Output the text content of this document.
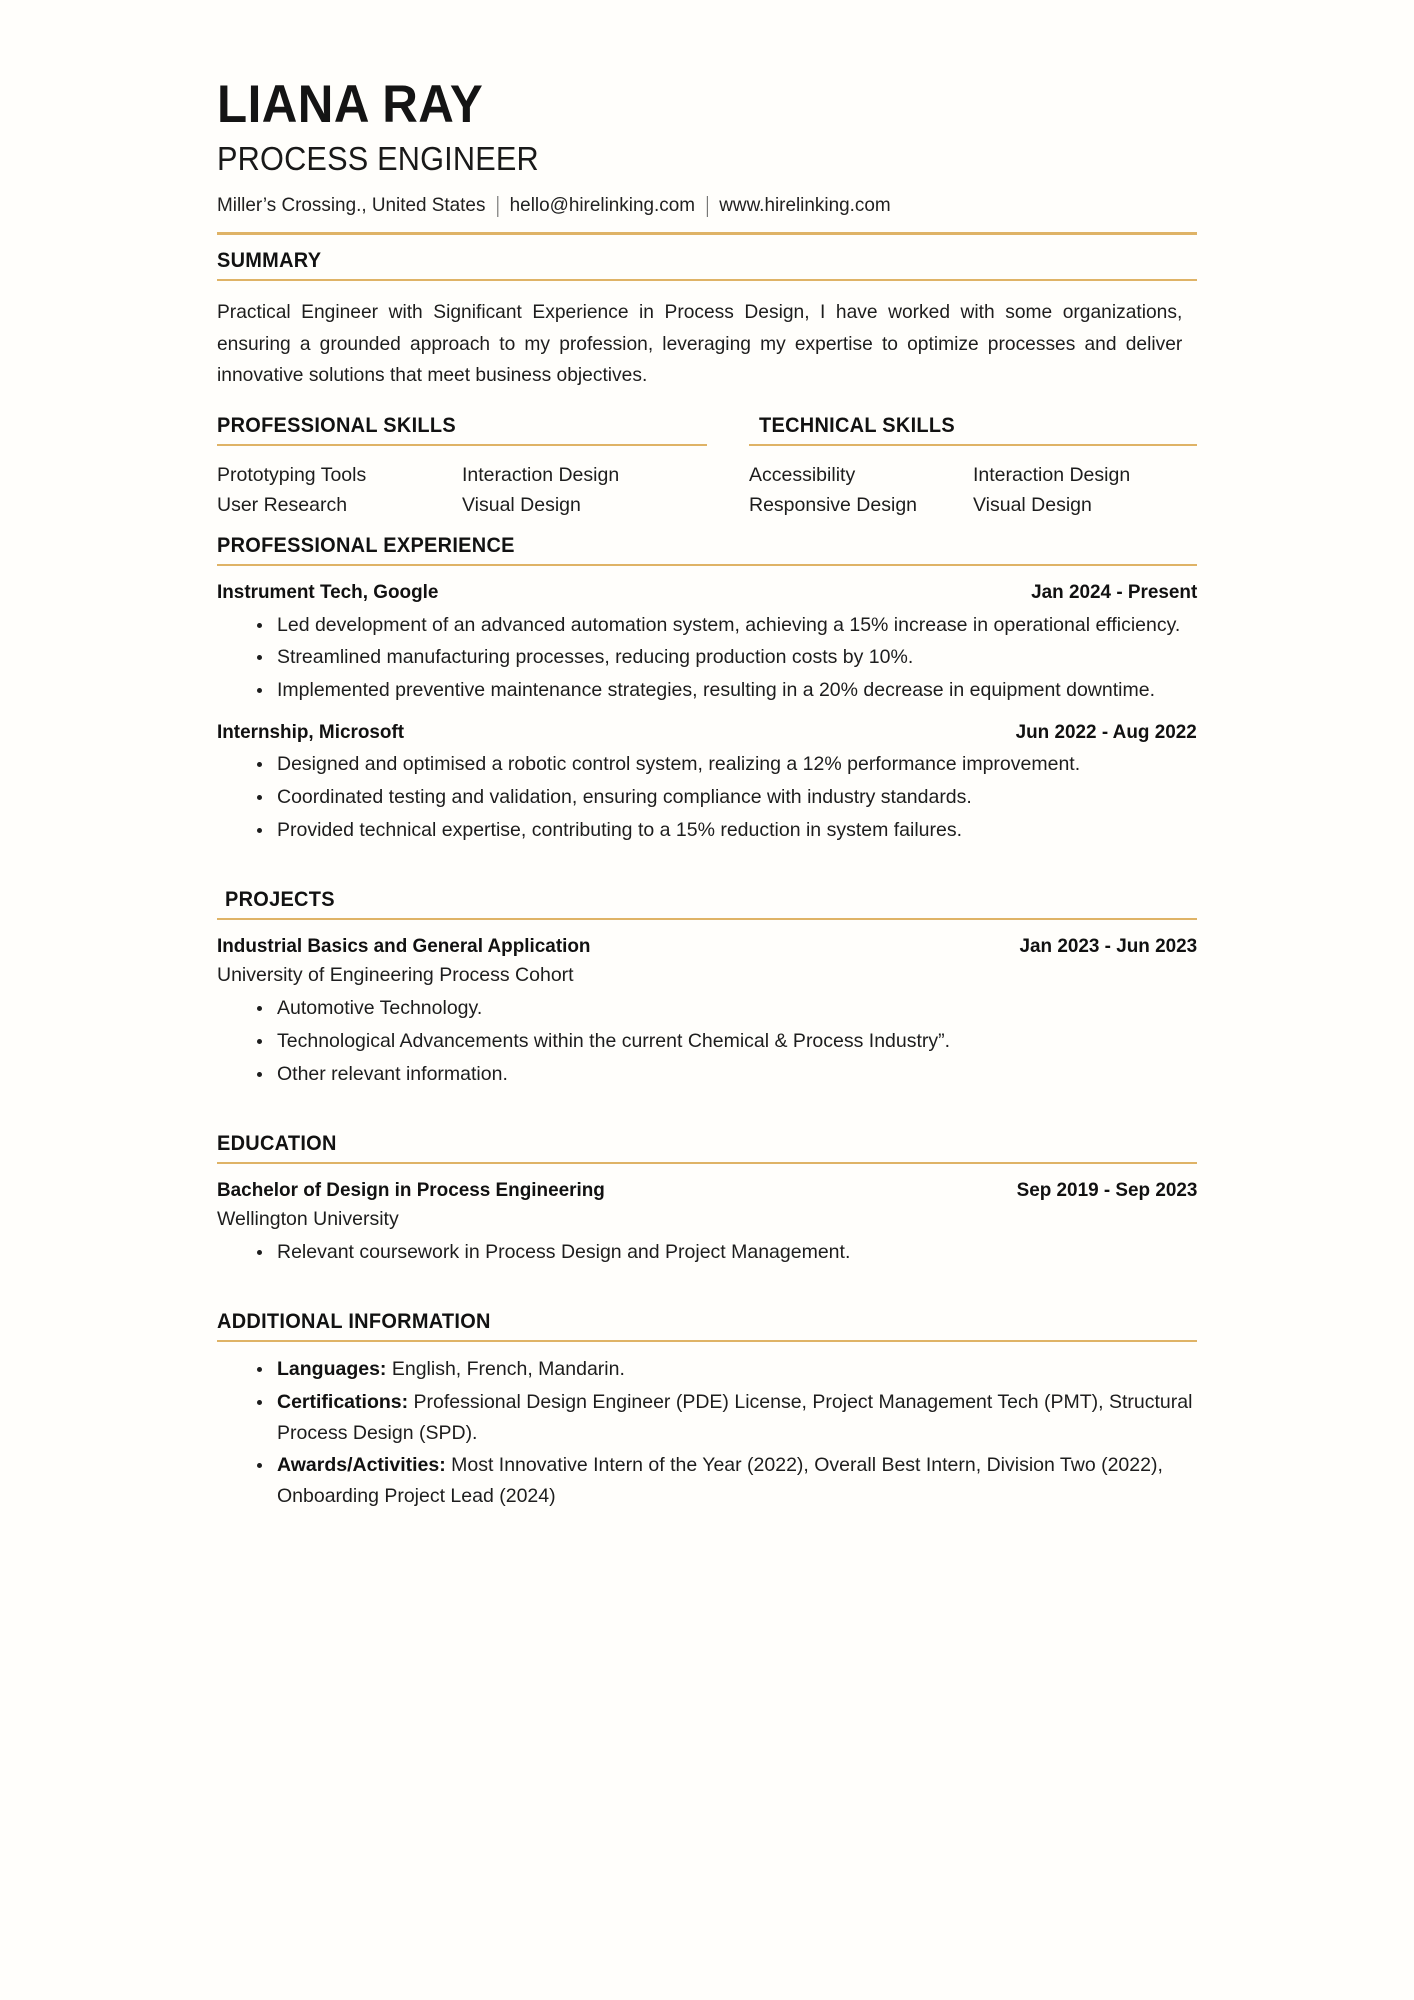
LIANA RAY
PROCESS ENGINEER
Miller’s Crossing., United States hello@hirelinking.com www.hirelinking.com
SUMMARY

Practical Engineer with Significant Experience in Process Design, I have worked with some organizations, ensuring a grounded approach to my profession, leveraging my expertise to optimize processes and deliver innovative solutions that meet business objectives.

PROFESSIONAL SKILLS
Prototyping Tools
User Research
Interaction Design
Visual Design
TECHNICAL SKILLS
Accessibility
Responsive Design
Interaction Design
Visual Design
PROFESSIONAL EXPERIENCE
Instrument Tech, Google	Jan 2024 - Present
Led development of an advanced automation system, achieving a 15% increase in operational efficiency.
Streamlined manufacturing processes, reducing production costs by 10%.
Implemented preventive maintenance strategies, resulting in a 20% decrease in equipment downtime.
Internship, Microsoft	Jun 2022 - Aug 2022
Designed and optimised a robotic control system, realizing a 12% performance improvement.
Coordinated testing and validation, ensuring compliance with industry standards.
Provided technical expertise, contributing to a 15% reduction in system failures.
PROJECTS
Industrial Basics and General Application
University of Engineering Process Cohort
Jan 2023 - Jun 2023
Automotive Technology.
Technological Advancements within the current Chemical & Process Industry”.
Other relevant information.
EDUCATION
Bachelor of Design in Process Engineering
Wellington University
Sep 2019 - Sep 2023
Relevant coursework in Process Design and Project Management.
ADDITIONAL INFORMATION
Languages: English, French, Mandarin.
Certifications: Professional Design Engineer (PDE) License, Project Management Tech (PMT), Structural Process Design (SPD).
Awards/Activities: Most Innovative Intern of the Year (2022), Overall Best Intern, Division Two (2022), Onboarding Project Lead (2024)
